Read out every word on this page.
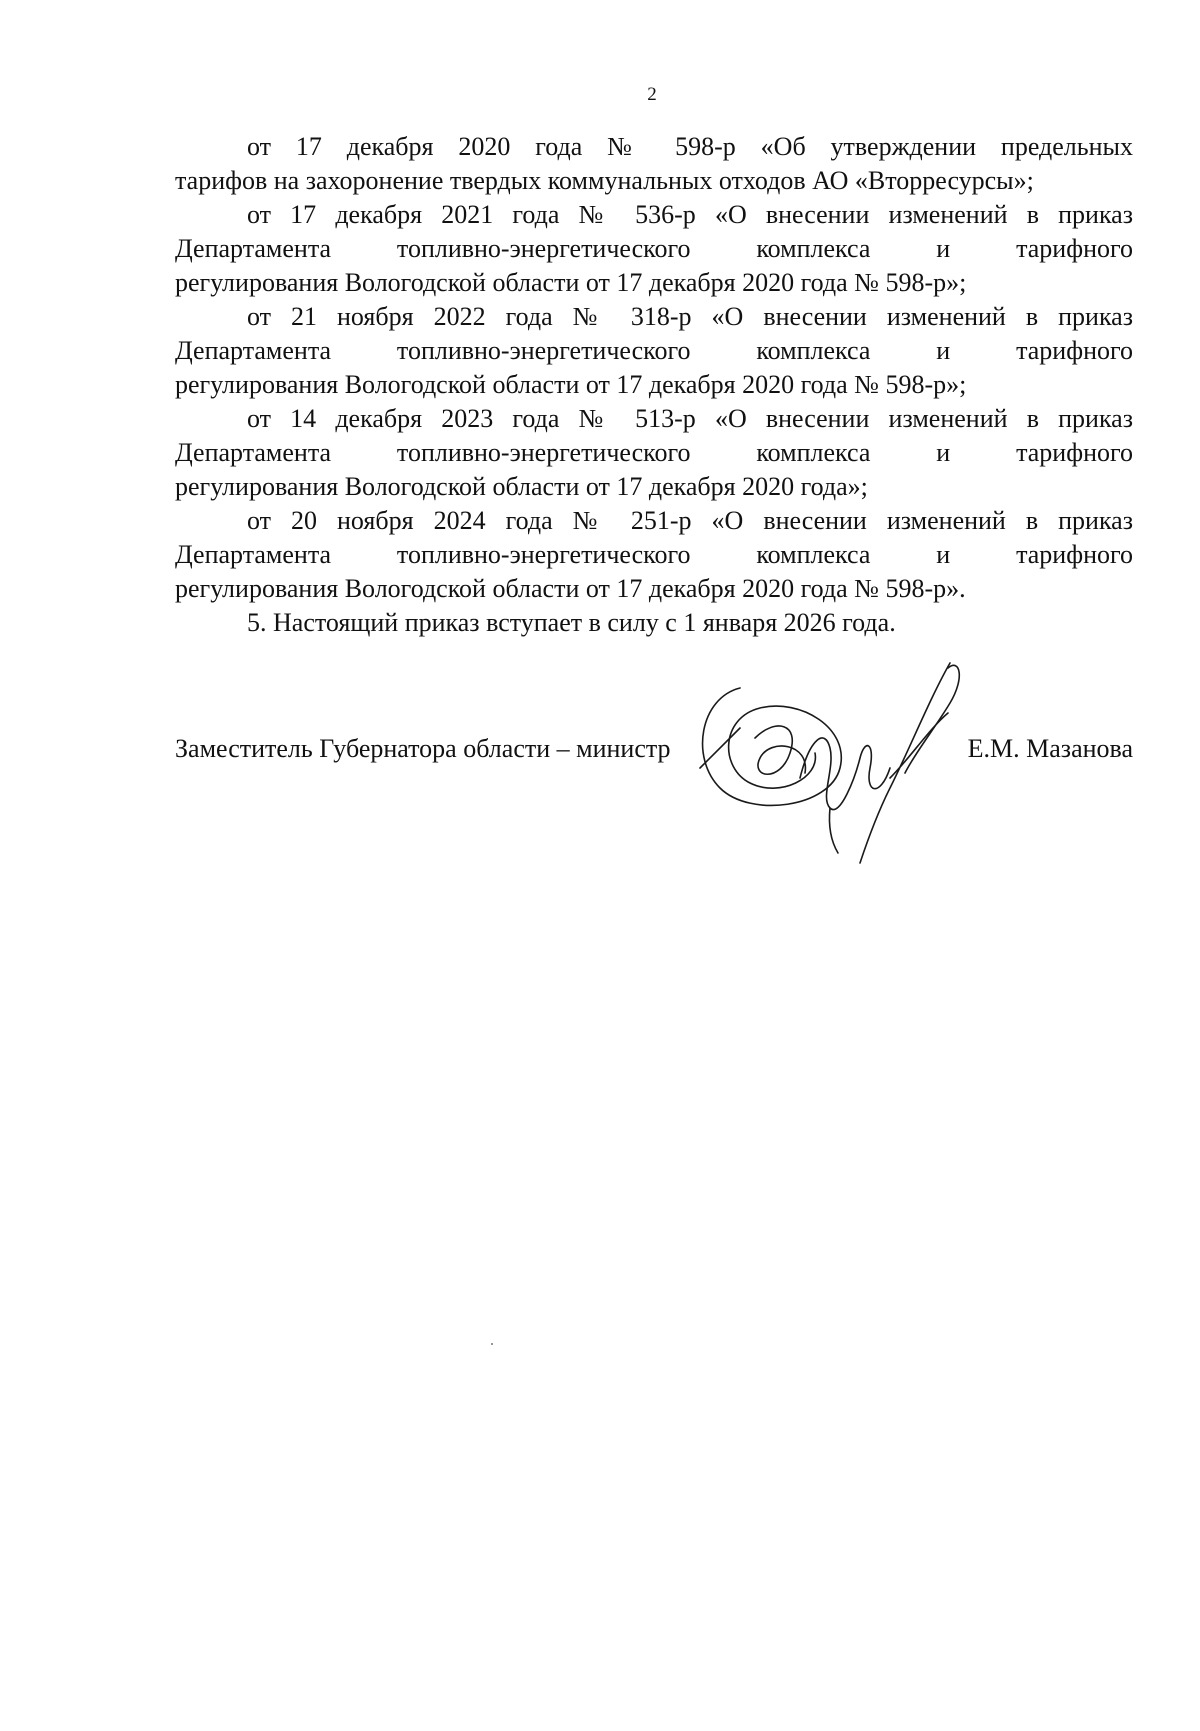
2

от 17 декабря 2020 года № 598-р «Об утверждении предельных
тарифов на захоронение твердых коммунальных отходов АО «Вторресурсы»;

от 17 декабря 2021 года № 536-р «О внесении изменений в приказ
Департамента топливно-энергетического комплекса и тарифного
регулирования Вологодской области от 17 декабря 2020 года № 598-р»;

от 21 ноября 2022 года № 318-р «О внесении изменений в приказ
Департамента топливно-энергетического комплекса и тарифного
регулирования Вологодской области от 17 декабря 2020 года № 598-р»;

от 14 декабря 2023 года № 513-р «О внесении изменений в приказ
Департамента топливно-энергетического комплекса и тарифного
регулирования Вологодской области от 17 декабря 2020 года»;

от 20 ноября 2024 года № 251-р «О внесении изменений в приказ
Департамента топливно-энергетического комплекса и тарифного
регулирования Вологодской области от 17 декабря 2020 года № 598-р».

5. Настоящий приказ вступает в силу с 1 января 2026 года.

Заместитель Губернатора области – министр	Е.М. Мазанова
